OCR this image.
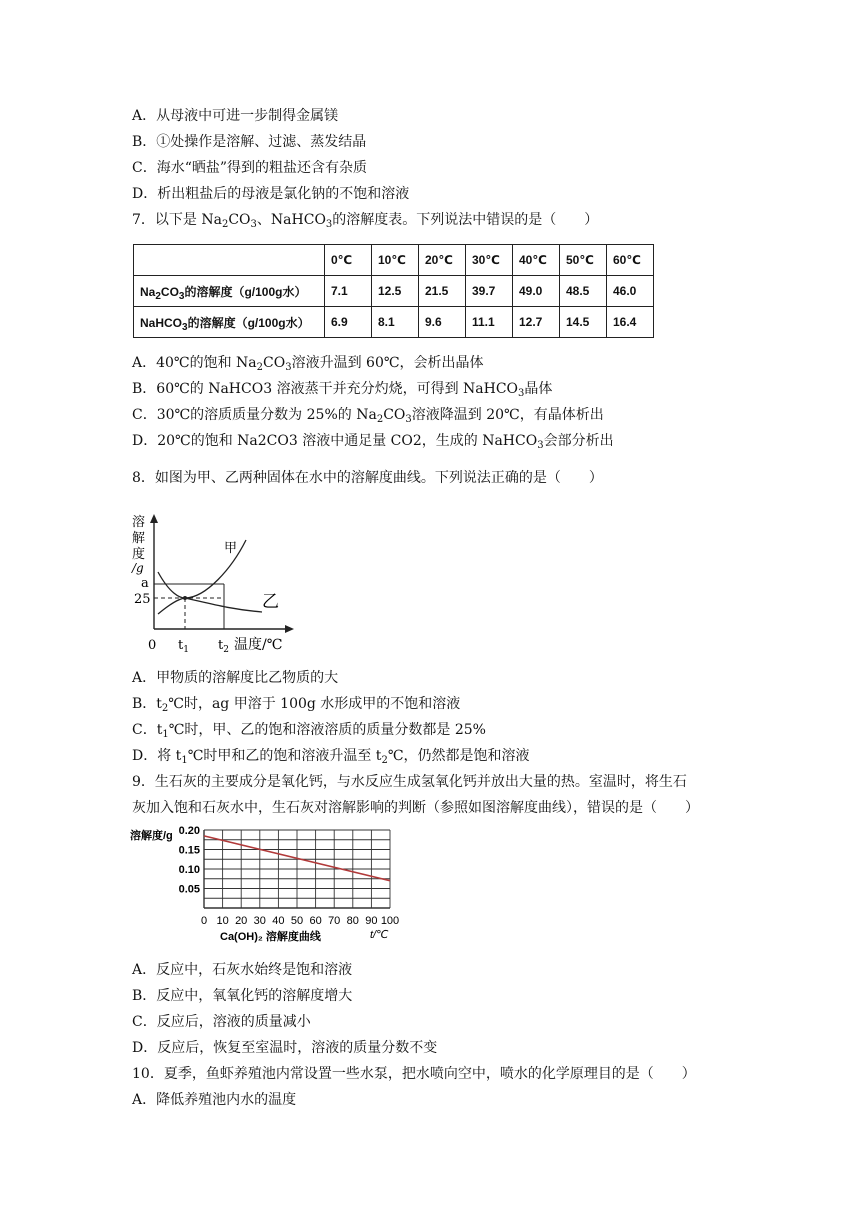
A．从母液中可进一步制得金属镁
B．①处操作是溶解、过滤、蒸发结晶
C．海水“晒盐”得到的粗盐还含有杂质
D．析出粗盐后的母液是氯化钠的不饱和溶液
7．以下是 $Na_2CO_3$、NaHCO$_3$的溶解度表。下列说法中错误的是（　　）
	0℃	10℃	20℃	30℃	40℃	50℃	60℃
$Na_2CO_3$的溶解度（g/100g水）	7.1	12.5	21.5	39.7	49.0	48.5	46.0
NaHCO$_3$的溶解度（g/100g水）	6.9	8.1	9.6	11.1	12.7	14.5	16.4
A．40℃的饱和 $Na_2CO_3$溶液升温到 60℃，会析出晶体
B．60℃的 NaHCO3 溶液蒸干并充分灼烧，可得到 NaHCO$_3$晶体
C．30℃的溶质质量分数为 25%的 $Na_2CO_3$溶液降温到 20℃，有晶体析出
D．20℃的饱和 Na2CO3 溶液中通足量 CO2，生成的 NaHCO$_3$会部分析出
8．如图为甲、乙两种固体在水中的溶解度曲线。下列说法正确的是（　　）
溶
解
度
/g
甲
乙
a
25
0 $t_1$ $t_2$ 温度/℃
A．甲物质的溶解度比乙物质的大
B．$t_2℃$时，ag 甲溶于 100g 水形成甲的不饱和溶液
C．$t_1℃$时，甲、乙的饱和溶液溶质的质量分数都是 25%
D．将 $t_1℃$时甲和乙的饱和溶液升温至 $t_2℃$，仍然都是饱和溶液
9．生石灰的主要成分是氧化钙，与水反应生成氢氧化钙并放出大量的热。室温时，将生石
灰加入饱和石灰水中，生石灰对溶解影响的判断（参照如图溶解度曲线），错误的是（　　）
溶解度/g 0.20
0.15
0.10
0.05
0 10 20 30 40 50 60 70 80 90 100
Ca(OH)₂ 溶解度曲线	t/℃
A．反应中，石灰水始终是饱和溶液
B．反应中，氧氧化钙的溶解度增大
C．反应后，溶液的质量减小
D．反应后，恢复至室温时，溶液的质量分数不变
10．夏季，鱼虾养殖池内常设置一些水泵，把水喷向空中，喷水的化学原理目的是（　　）
A．降低养殖池内水的温度
